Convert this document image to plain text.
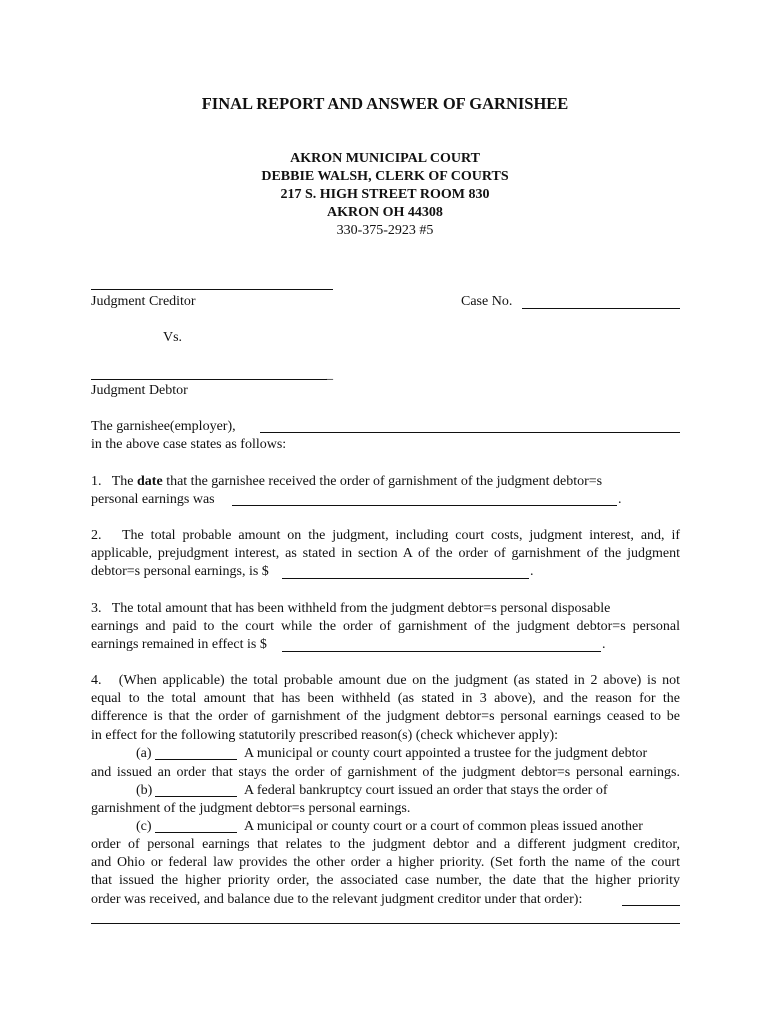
FINAL REPORT AND ANSWER OF GARNISHEE
AKRON MUNICIPAL COURT
DEBBIE WALSH, CLERK OF COURTS
217 S. HIGH STREET ROOM 830
AKRON OH 44308
330-375-2923 #5
Judgment Creditor	Case No.
Vs.
_
Judgment Debtor
The garnishee(employer),
in the above case states as follows:
1. The date that the garnishee received the order of garnishment of the judgment debtor=s
personal earnings was	.
2. The total probable amount on the judgment, including court costs, judgment interest, and, if
applicable, prejudgment interest, as stated in section A of the order of garnishment of the judgment
debtor=s personal earnings, is $	.
3. The total amount that has been withheld from the judgment debtor=s personal disposable
earnings and paid to the court while the order of garnishment of the judgment debtor=s personal
earnings remained in effect is $	.
4. (When applicable) the total probable amount due on the judgment (as stated in 2 above) is not
equal to the total amount that has been withheld (as stated in 3 above), and the reason for the
difference is that the order of garnishment of the judgment debtor=s personal earnings ceased to be
in effect for the following statutorily prescribed reason(s) (check whichever apply):
(a)	A municipal or county court appointed a trustee for the judgment debtor
and issued an order that stays the order of garnishment of the judgment debtor=s personal earnings.
(b)	A federal bankruptcy court issued an order that stays the order of
garnishment of the judgment debtor=s personal earnings.
(c)	A municipal or county court or a court of common pleas issued another
order of personal earnings that relates to the judgment debtor and a different judgment creditor,
and Ohio or federal law provides the other order a higher priority. (Set forth the name of the court
that issued the higher priority order, the associated case number, the date that the higher priority
order was received, and balance due to the relevant judgment creditor under that order):
